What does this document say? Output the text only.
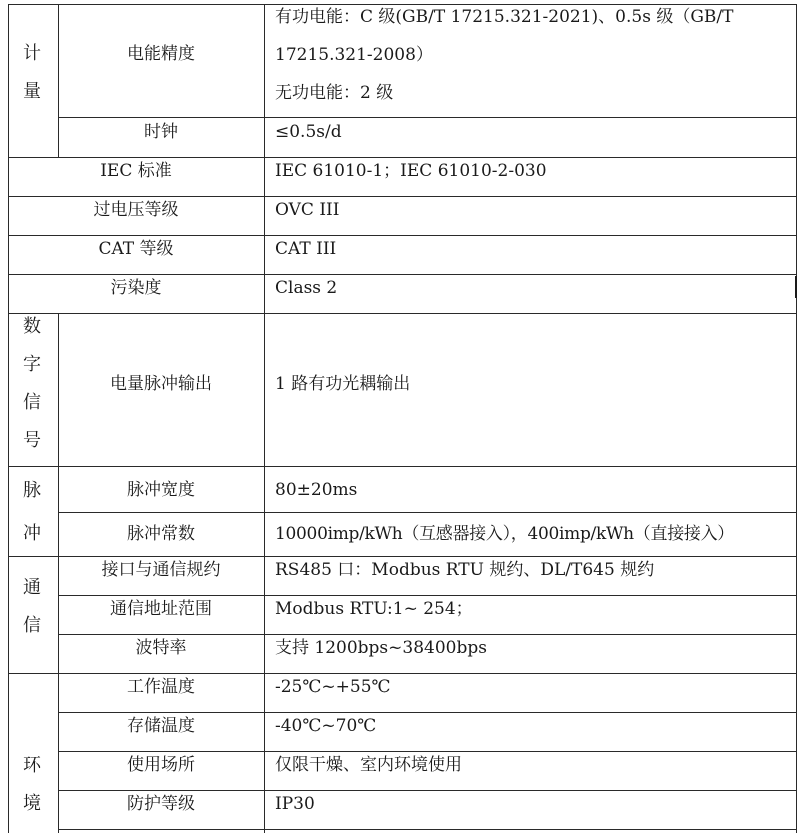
计
量
数
字
信
号
脉
冲
通
信
环
境
电能精度
时钟
IEC 标准
过电压等级
CAT 等级
污染度
电量脉冲输出
脉冲宽度
脉冲常数
接口与通信规约
通信地址范围
波特率
工作温度
存储温度
使用场所
防护等级
有功电能：C 级(GB/T 17215.321-2021)、0.5s 级（GB/T
17215.321-2008）
无功电能：2 级
≤0.5s/d
IEC 61010-1；IEC 61010-2-030
OVC III
CAT III
Class 2
1 路有功光耦输出
80±20ms
10000imp/kWh（互感器接入），400imp/kWh（直接接入）
RS485 口：Modbus RTU 规约、DL/T645 规约
Modbus RTU:1~ 254；
支持 1200bps~38400bps
-25℃~+55℃
-40℃~70℃
仅限干燥、室内环境使用
IP30
